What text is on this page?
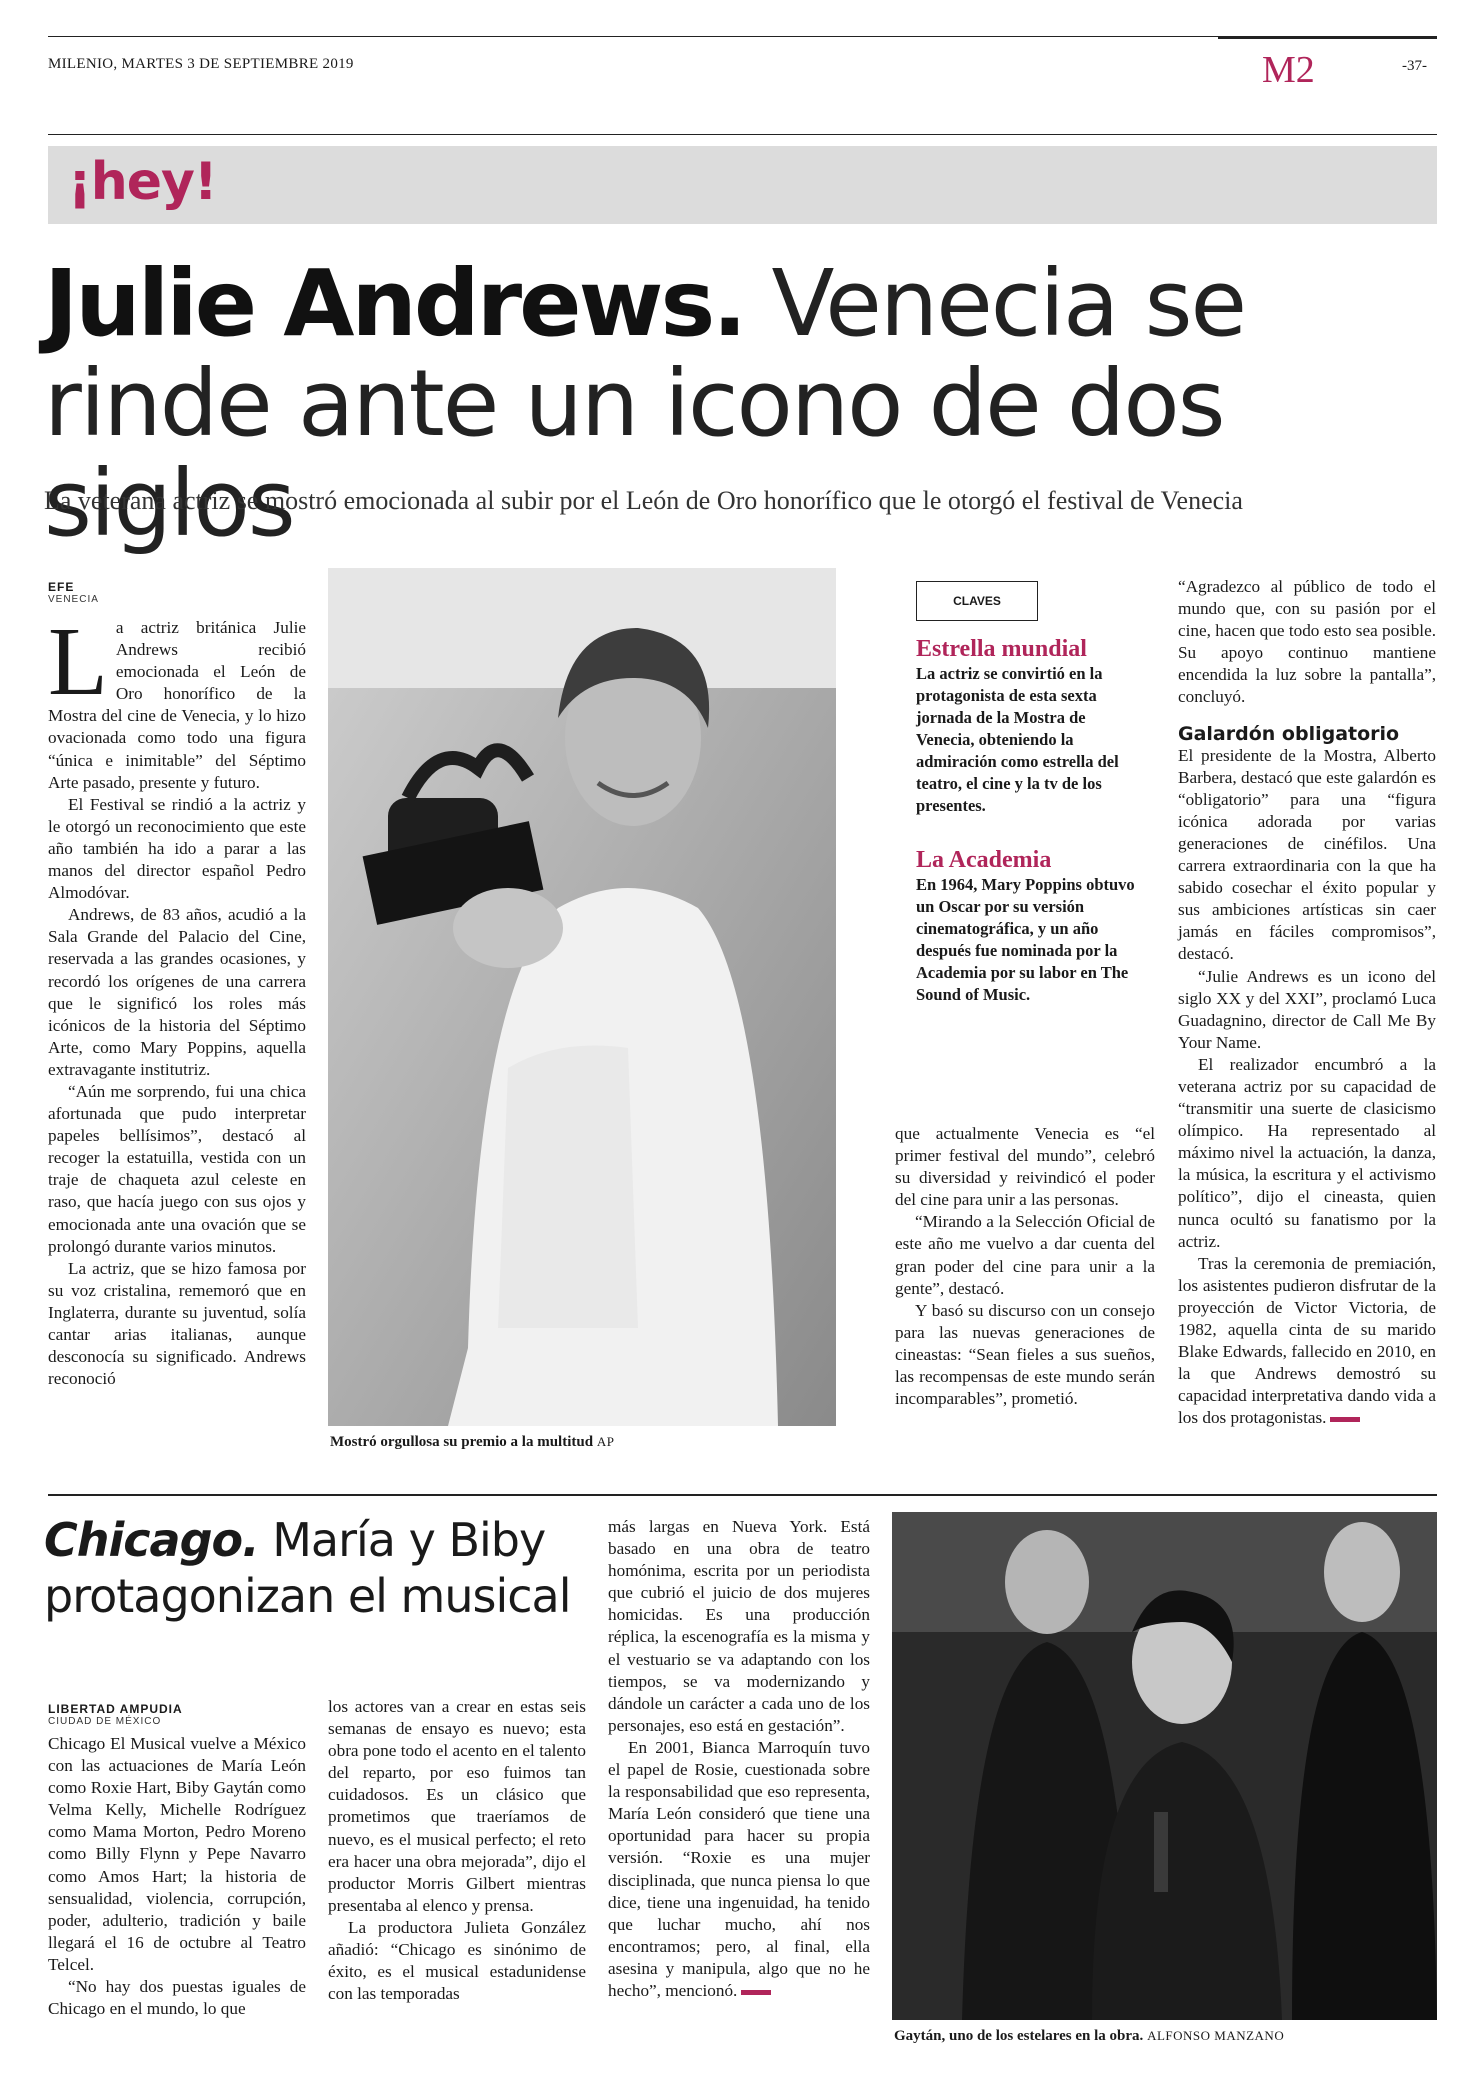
MILENIO, MARTES 3 DE SEPTIEMBRE 2019	M2	-37-
¡hey!
Julie Andrews. Venecia se rinde ante un icono de dos siglos
La veterana actriz se mostró emocionada al subir por el León de Oro honorífico que le otorgó el festival de Venecia
EFE
VENECIA
L a actriz británica Julie Andrews recibió emocionada el León de Oro honorífico de la Mostra del cine de Venecia, y lo hizo ovacionada como todo una figura “única e inimitable” del Séptimo Arte pasado, presente y futuro.

El Festival se rindió a la actriz y le otorgó un reconocimiento que este año también ha ido a parar a las manos del director español Pedro Almodóvar.

Andrews, de 83 años, acudió a la Sala Grande del Palacio del Cine, reservada a las grandes ocasiones, y recordó los orígenes de una carrera que le significó los roles más icónicos de la historia del Séptimo Arte, como Mary Poppins, aquella extravagante institutriz.

“Aún me sorprendo, fui una chica afortunada que pudo interpretar papeles bellísimos”, destacó al recoger la estatuilla, vestida con un traje de chaqueta azul celeste en raso, que hacía juego con sus ojos y emocionada ante una ovación que se prolongó durante varios minutos.

La actriz, que se hizo famosa por su voz cristalina, rememoró que en Inglaterra, durante su juventud, solía cantar arias italianas, aunque desconocía su significado. Andrews reconoció

Mostró orgullosa su premio a la multitud AP
CLAVES
Estrella mundial
La actriz se convirtió en la protagonista de esta sexta jornada de la Mostra de Venecia, obteniendo la admiración como estrella del teatro, el cine y la tv de los presentes.
La Academia
En 1964, Mary Poppins obtuvo un Oscar por su versión cinematográfica, y un año después fue nominada por la Academia por su labor en The Sound of Music.

que actualmente Venecia es “el primer festival del mundo”, celebró su diversidad y reivindicó el poder del cine para unir a las personas.

“Mirando a la Selección Oficial de este año me vuelvo a dar cuenta del gran poder del cine para unir a la gente”, destacó.

Y basó su discurso con un consejo para las nuevas generaciones de cineastas: “Sean fieles a sus sueños, las recompensas de este mundo serán incomparables”, prometió.

“Agradezco al público de todo el mundo que, con su pasión por el cine, hacen que todo esto sea posible. Su apoyo continuo mantiene encendida la luz sobre la pantalla”, concluyó.

Galardón obligatorio

El presidente de la Mostra, Alberto Barbera, destacó que este galardón es “obligatorio” para una “figura icónica adorada por varias generaciones de cinéfilos. Una carrera extraordinaria con la que ha sabido cosechar el éxito popular y sus ambiciones artísticas sin caer jamás en fáciles compromisos”, destacó.

“Julie Andrews es un icono del siglo XX y del XXI”, proclamó Luca Guadagnino, director de Call Me By Your Name.

El realizador encumbró a la veterana actriz por su capacidad de “transmitir una suerte de clasicismo olímpico. Ha representado al máximo nivel la actuación, la danza, la música, la escritura y el activismo político”, dijo el cineasta, quien nunca ocultó su fanatismo por la actriz.

Tras la ceremonia de premiación, los asistentes pudieron disfrutar de la proyección de Victor Victoria, de 1982, aquella cinta de su marido Blake Edwards, fallecido en 2010, en la que Andrews demostró su capacidad interpretativa dando vida a los dos protagonistas.

Chicago. María y Biby protagonizan el musical
LIBERTAD AMPUDIA
CIUDAD DE MÉXICO

Chicago El Musical vuelve a México con las actuaciones de María León como Roxie Hart, Biby Gaytán como Velma Kelly, Michelle Rodríguez como Mama Morton, Pedro Moreno como Billy Flynn y Pepe Navarro como Amos Hart; la historia de sensualidad, violencia, corrupción, poder, adulterio, tradición y baile llegará el 16 de octubre al Teatro Telcel.

“No hay dos puestas iguales de Chicago en el mundo, lo que

los actores van a crear en estas seis semanas de ensayo es nuevo; esta obra pone todo el acento en el talento del reparto, por eso fuimos tan cuidadosos. Es un clásico que prometimos que traeríamos de nuevo, es el musical perfecto; el reto era hacer una obra mejorada”, dijo el productor Morris Gilbert mientras presentaba al elenco y prensa.

La productora Julieta González añadió: “Chicago es sinónimo de éxito, es el musical estadunidense con las temporadas

más largas en Nueva York. Está basado en una obra de teatro homónima, escrita por un periodista que cubrió el juicio de dos mujeres homicidas. Es una producción réplica, la escenografía es la misma y el vestuario se va adaptando con los tiempos, se va modernizando y dándole un carácter a cada uno de los personajes, eso está en gestación”.

En 2001, Bianca Marroquín tuvo el papel de Rosie, cuestionada sobre la responsabilidad que eso representa, María León consideró que tiene una oportunidad para hacer su propia versión. “Roxie es una mujer disciplinada, que nunca piensa lo que dice, tiene una ingenuidad, ha tenido que luchar mucho, ahí nos encontramos; pero, al final, ella asesina y manipula, algo que no he hecho”, mencionó.

Gaytán, uno de los estelares en la obra. ALFONSO MANZANO
